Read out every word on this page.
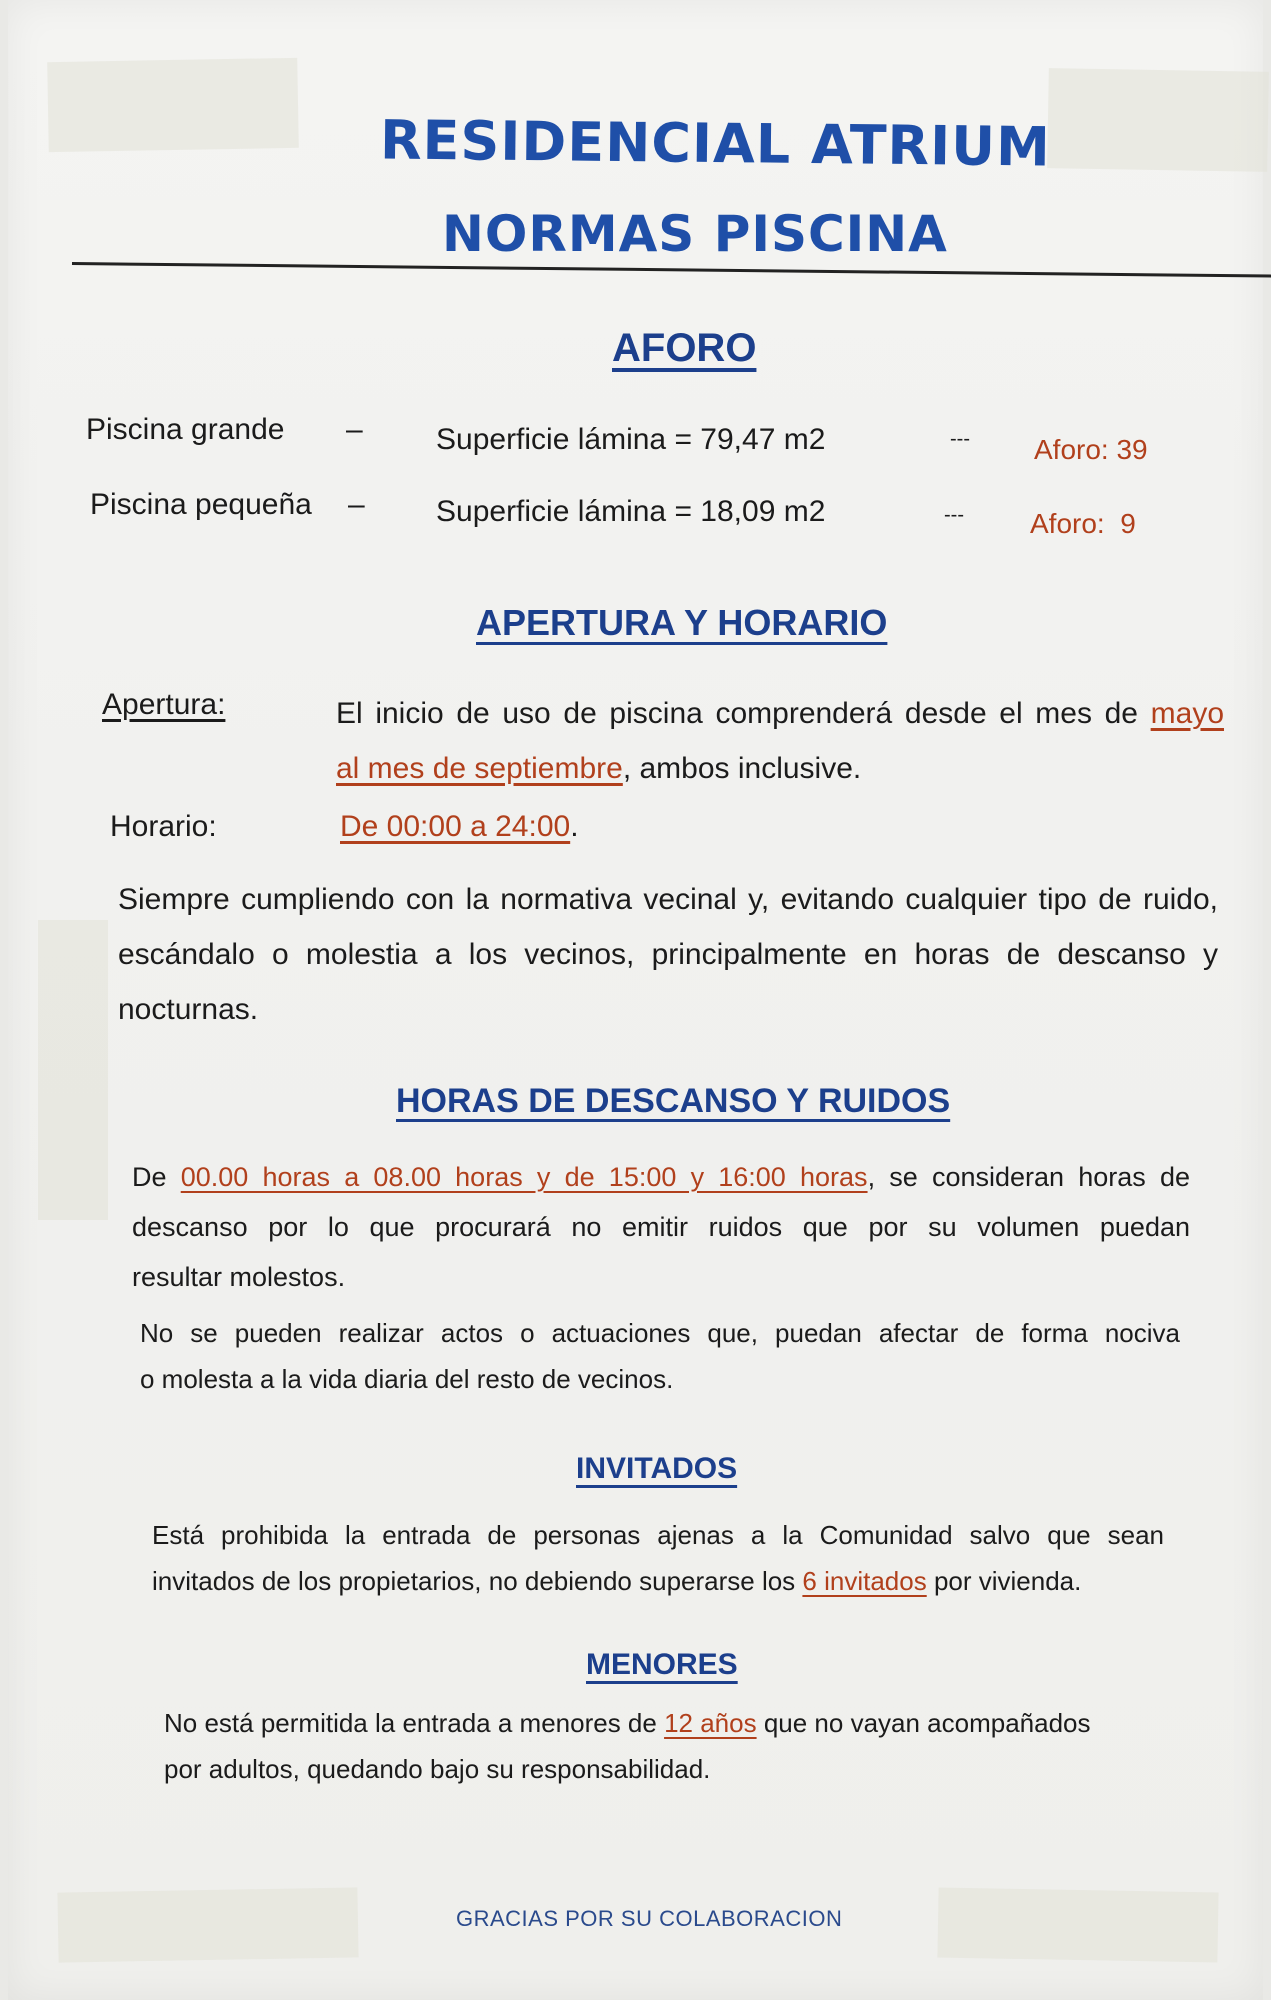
RESIDENCIAL ATRIUM
NORMAS PISCINA
AFORO
Piscina grande – Superficie lámina = 79,47 m2	--- Aforo: 39
Piscina pequeña – Superficie lámina = 18,09 m2	--- Aforo:  9
APERTURA Y HORARIO
Apertura:	El inicio de uso de piscina comprenderá desde el mes de mayo
al mes de septiembre, ambos inclusive.
Horario:	De 00:00 a 24:00.
Siempre cumpliendo con la normativa vecinal y, evitando cualquier tipo de ruido,
escándalo o molestia a los vecinos, principalmente en horas de descanso y
nocturnas.
HORAS DE DESCANSO Y RUIDOS
De 00.00 horas a 08.00 horas y de 15:00 y 16:00 horas, se consideran horas de
descanso por lo que procurará no emitir ruidos que por su volumen puedan
resultar molestos.
No se pueden realizar actos o actuaciones que, puedan afectar de forma nociva
o molesta a la vida diaria del resto de vecinos.
INVITADOS
Está prohibida la entrada de personas ajenas a la Comunidad salvo que sean
invitados de los propietarios, no debiendo superarse los 6 invitados por vivienda.
MENORES
No está permitida la entrada a menores de 12 años que no vayan acompañados
por adultos, quedando bajo su responsabilidad.
GRACIAS POR SU COLABORACION
